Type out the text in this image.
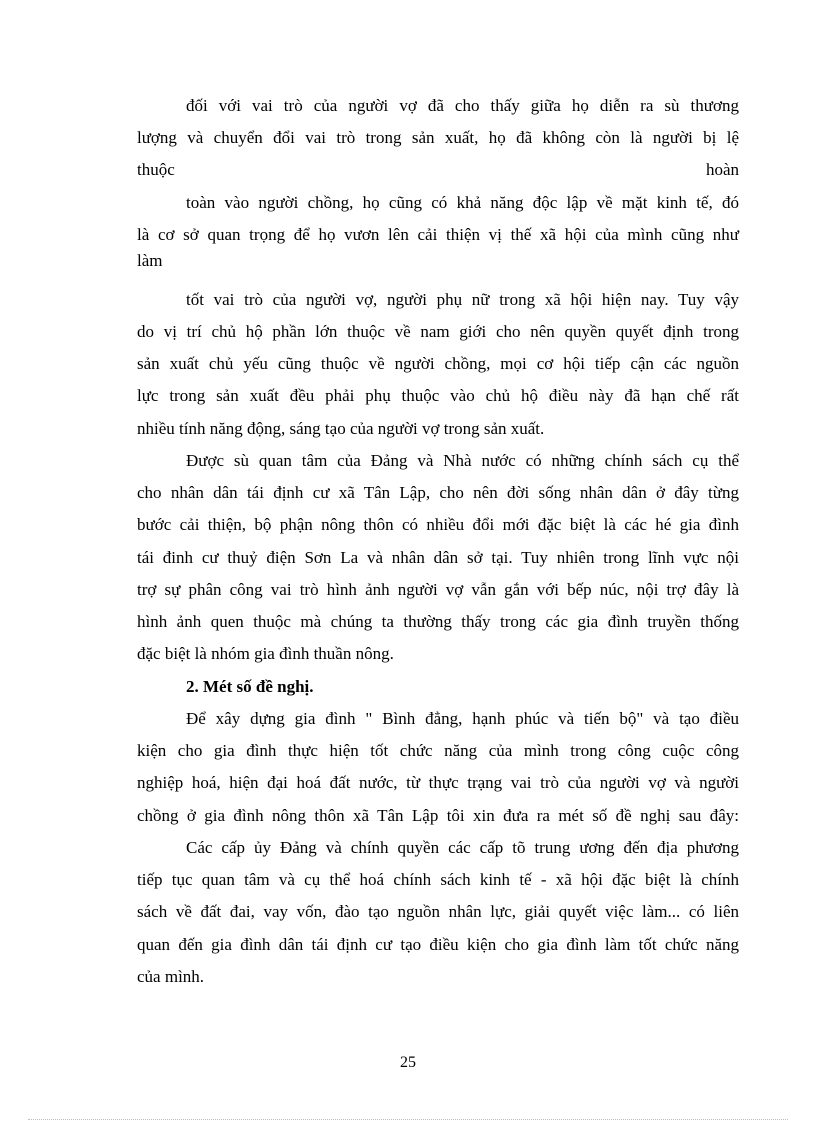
đối với vai trò của người vợ đã cho thấy giữa họ diễn ra sù thương

lượng và chuyển đổi vai trò trong sản xuất, họ đã không còn là người bị lệ

thuộc	hoàn

toàn vào người chồng, họ cũng có khả năng độc lập về mặt kinh tế, đó

là cơ sở quan trọng để họ vươn lên cải thiện vị thế xã hội của mình cũng như

làm

tốt vai trò của người vợ, người phụ nữ trong xã hội hiện nay. Tuy vậy

do vị trí chủ hộ phần lớn thuộc về nam giới cho nên quyền quyết định trong

sản xuất chủ yếu cũng thuộc về người chồng, mọi cơ hội tiếp cận các nguồn

lực trong sản xuất đều phải phụ thuộc vào chủ hộ điều này đã hạn chế rất

nhiều tính năng động, sáng tạo của người vợ trong sản xuất.

Được sù quan tâm của Đảng và Nhà nước có những chính sách cụ thể

cho nhân dân tái định cư xã Tân Lập, cho nên đời sống nhân dân ở đây từng

bước cải thiện, bộ phận nông thôn có nhiều đổi mới đặc biệt là các hé gia đình

tái đinh cư thuỷ điện Sơn La và nhân dân sở tại. Tuy nhiên trong lĩnh vực nội

trợ sự phân công vai trò hình ảnh người vợ vẫn gắn với bếp núc, nội trợ đây là

hình ảnh quen thuộc mà chúng ta thường thấy trong các gia đình truyền thống

đặc biệt là nhóm gia đình thuần nông.

2. Mét số đề nghị.

Để xây dựng gia đình " Bình đẳng, hạnh phúc và tiến bộ" và tạo điều

kiện cho gia đình thực hiện tốt chức năng của mình trong công cuộc công

nghiệp hoá, hiện đại hoá đất nước, từ thực trạng vai trò của người vợ và người

chồng ở gia đình nông thôn xã Tân Lập tôi xin đưa ra mét số đề nghị sau đây:

Các cấp ủy Đảng và chính quyền các cấp tõ trung ương đến địa phương

tiếp tục quan tâm và cụ thể hoá chính sách kinh tế - xã hội đặc biệt là chính

sách về đất đai, vay vốn, đào tạo nguồn nhân lực, giải quyết việc làm... có liên

quan đến gia đình dân tái định cư tạo điều kiện cho gia đình làm tốt chức năng

của mình.

25
